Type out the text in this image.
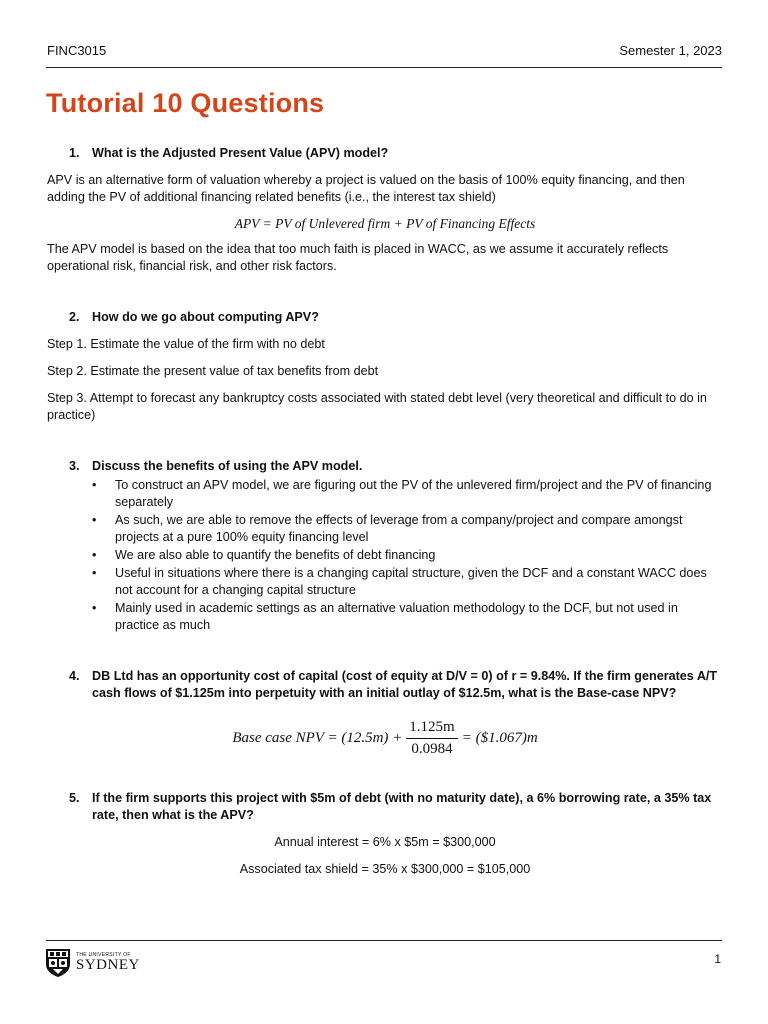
FINC3015	Semester 1, 2023
Tutorial 10 Questions
1. What is the Adjusted Present Value (APV) model?

APV is an alternative form of valuation whereby a project is valued on the basis of 100% equity financing, and then adding the PV of additional financing related benefits (i.e., the interest tax shield)

APV = PV of Unlevered firm + PV of Financing Effects

The APV model is based on the idea that too much faith is placed in WACC, as we assume it accurately reflects operational risk, financial risk, and other risk factors.

2. How do we go about computing APV?

Step 1. Estimate the value of the firm with no debt

Step 2. Estimate the present value of tax benefits from debt

Step 3. Attempt to forecast any bankruptcy costs associated with stated debt level (very theoretical and difficult to do in practice)

3. Discuss the benefits of using the APV model.
• To construct an APV model, we are figuring out the PV of the unlevered firm/project and the PV of financing separately
• As such, we are able to remove the effects of leverage from a company/project and compare amongst projects at a pure 100% equity financing level
• We are also able to quantify the benefits of debt financing
• Useful in situations where there is a changing capital structure, given the DCF and a constant WACC does not account for a changing capital structure
• Mainly used in academic settings as an alternative valuation methodology to the DCF, but not used in practice as much
4. DB Ltd has an opportunity cost of capital (cost of equity at D/V = 0) of r = 9.84%. If the firm generates A/T cash flows of $1.125m into perpetuity with an initial outlay of $12.5m, what is the Base-case NPV?
Base case NPV = $(12.5m) + \frac{1.125m}{0.0984}$ = ($1.067)m
5. If the firm supports this project with $5m of debt (with no maturity date), a 6% borrowing rate, a 35% tax rate, then what is the APV?

Annual interest = 6% x $5m = $300,000

Associated tax shield = 35% x $300,000 = $105,000

THE UNIVERSITY OF
SYDNEY	1
